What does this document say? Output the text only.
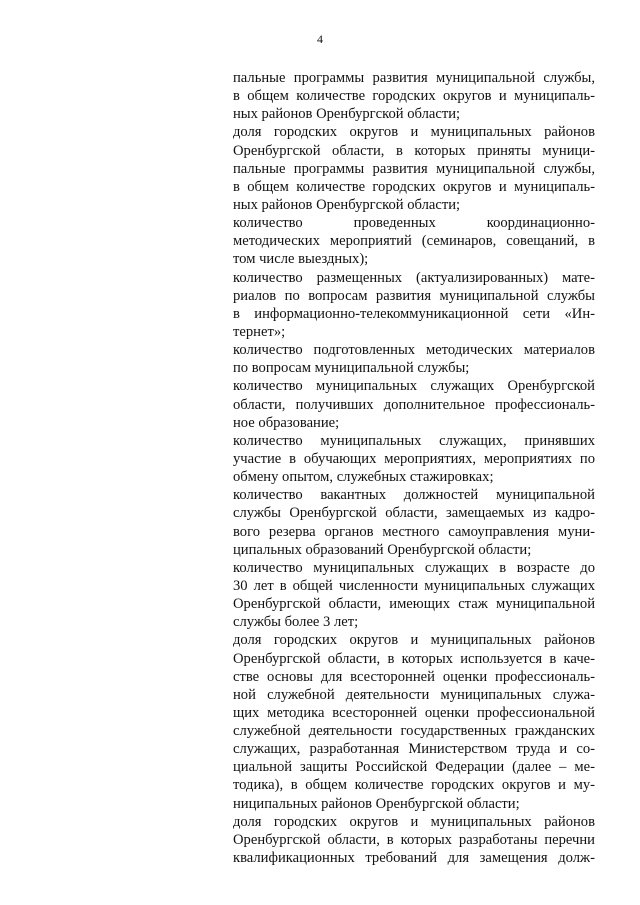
4
пальные программы развития муниципальной службы,
в общем количестве городских округов и муниципаль-
ных районов Оренбургской области;
доля городских округов и муниципальных районов
Оренбургской области, в которых приняты муници-
пальные программы развития муниципальной службы,
в общем количестве городских округов и муниципаль-
ных районов Оренбургской области;
количество проведенных координационно-
методических мероприятий (семинаров, совещаний, в
том числе выездных);
количество размещенных (актуализированных) мате-
риалов по вопросам развития муниципальной службы
в информационно-телекоммуникационной сети «Ин-
тернет»;
количество подготовленных методических материалов
по вопросам муниципальной службы;
количество муниципальных служащих Оренбургской
области, получивших дополнительное профессиональ-
ное образование;
количество муниципальных служащих, принявших
участие в обучающих мероприятиях, мероприятиях по
обмену опытом, служебных стажировках;
количество вакантных должностей муниципальной
службы Оренбургской области, замещаемых из кадро-
вого резерва органов местного самоуправления муни-
ципальных образований Оренбургской области;
количество муниципальных служащих в возрасте до
30 лет в общей численности муниципальных служащих
Оренбургской области, имеющих стаж муниципальной
службы более 3 лет;
доля городских округов и муниципальных районов
Оренбургской области, в которых используется в каче-
стве основы для всесторонней оценки профессиональ-
ной служебной деятельности муниципальных служа-
щих методика всесторонней оценки профессиональной
служебной деятельности государственных гражданских
служащих, разработанная Министерством труда и со-
циальной защиты Российской Федерации (далее – ме-
тодика), в общем количестве городских округов и му-
ниципальных районов Оренбургской области;
доля городских округов и муниципальных районов
Оренбургской области, в которых разработаны перечни
квалификационных требований для замещения долж-
